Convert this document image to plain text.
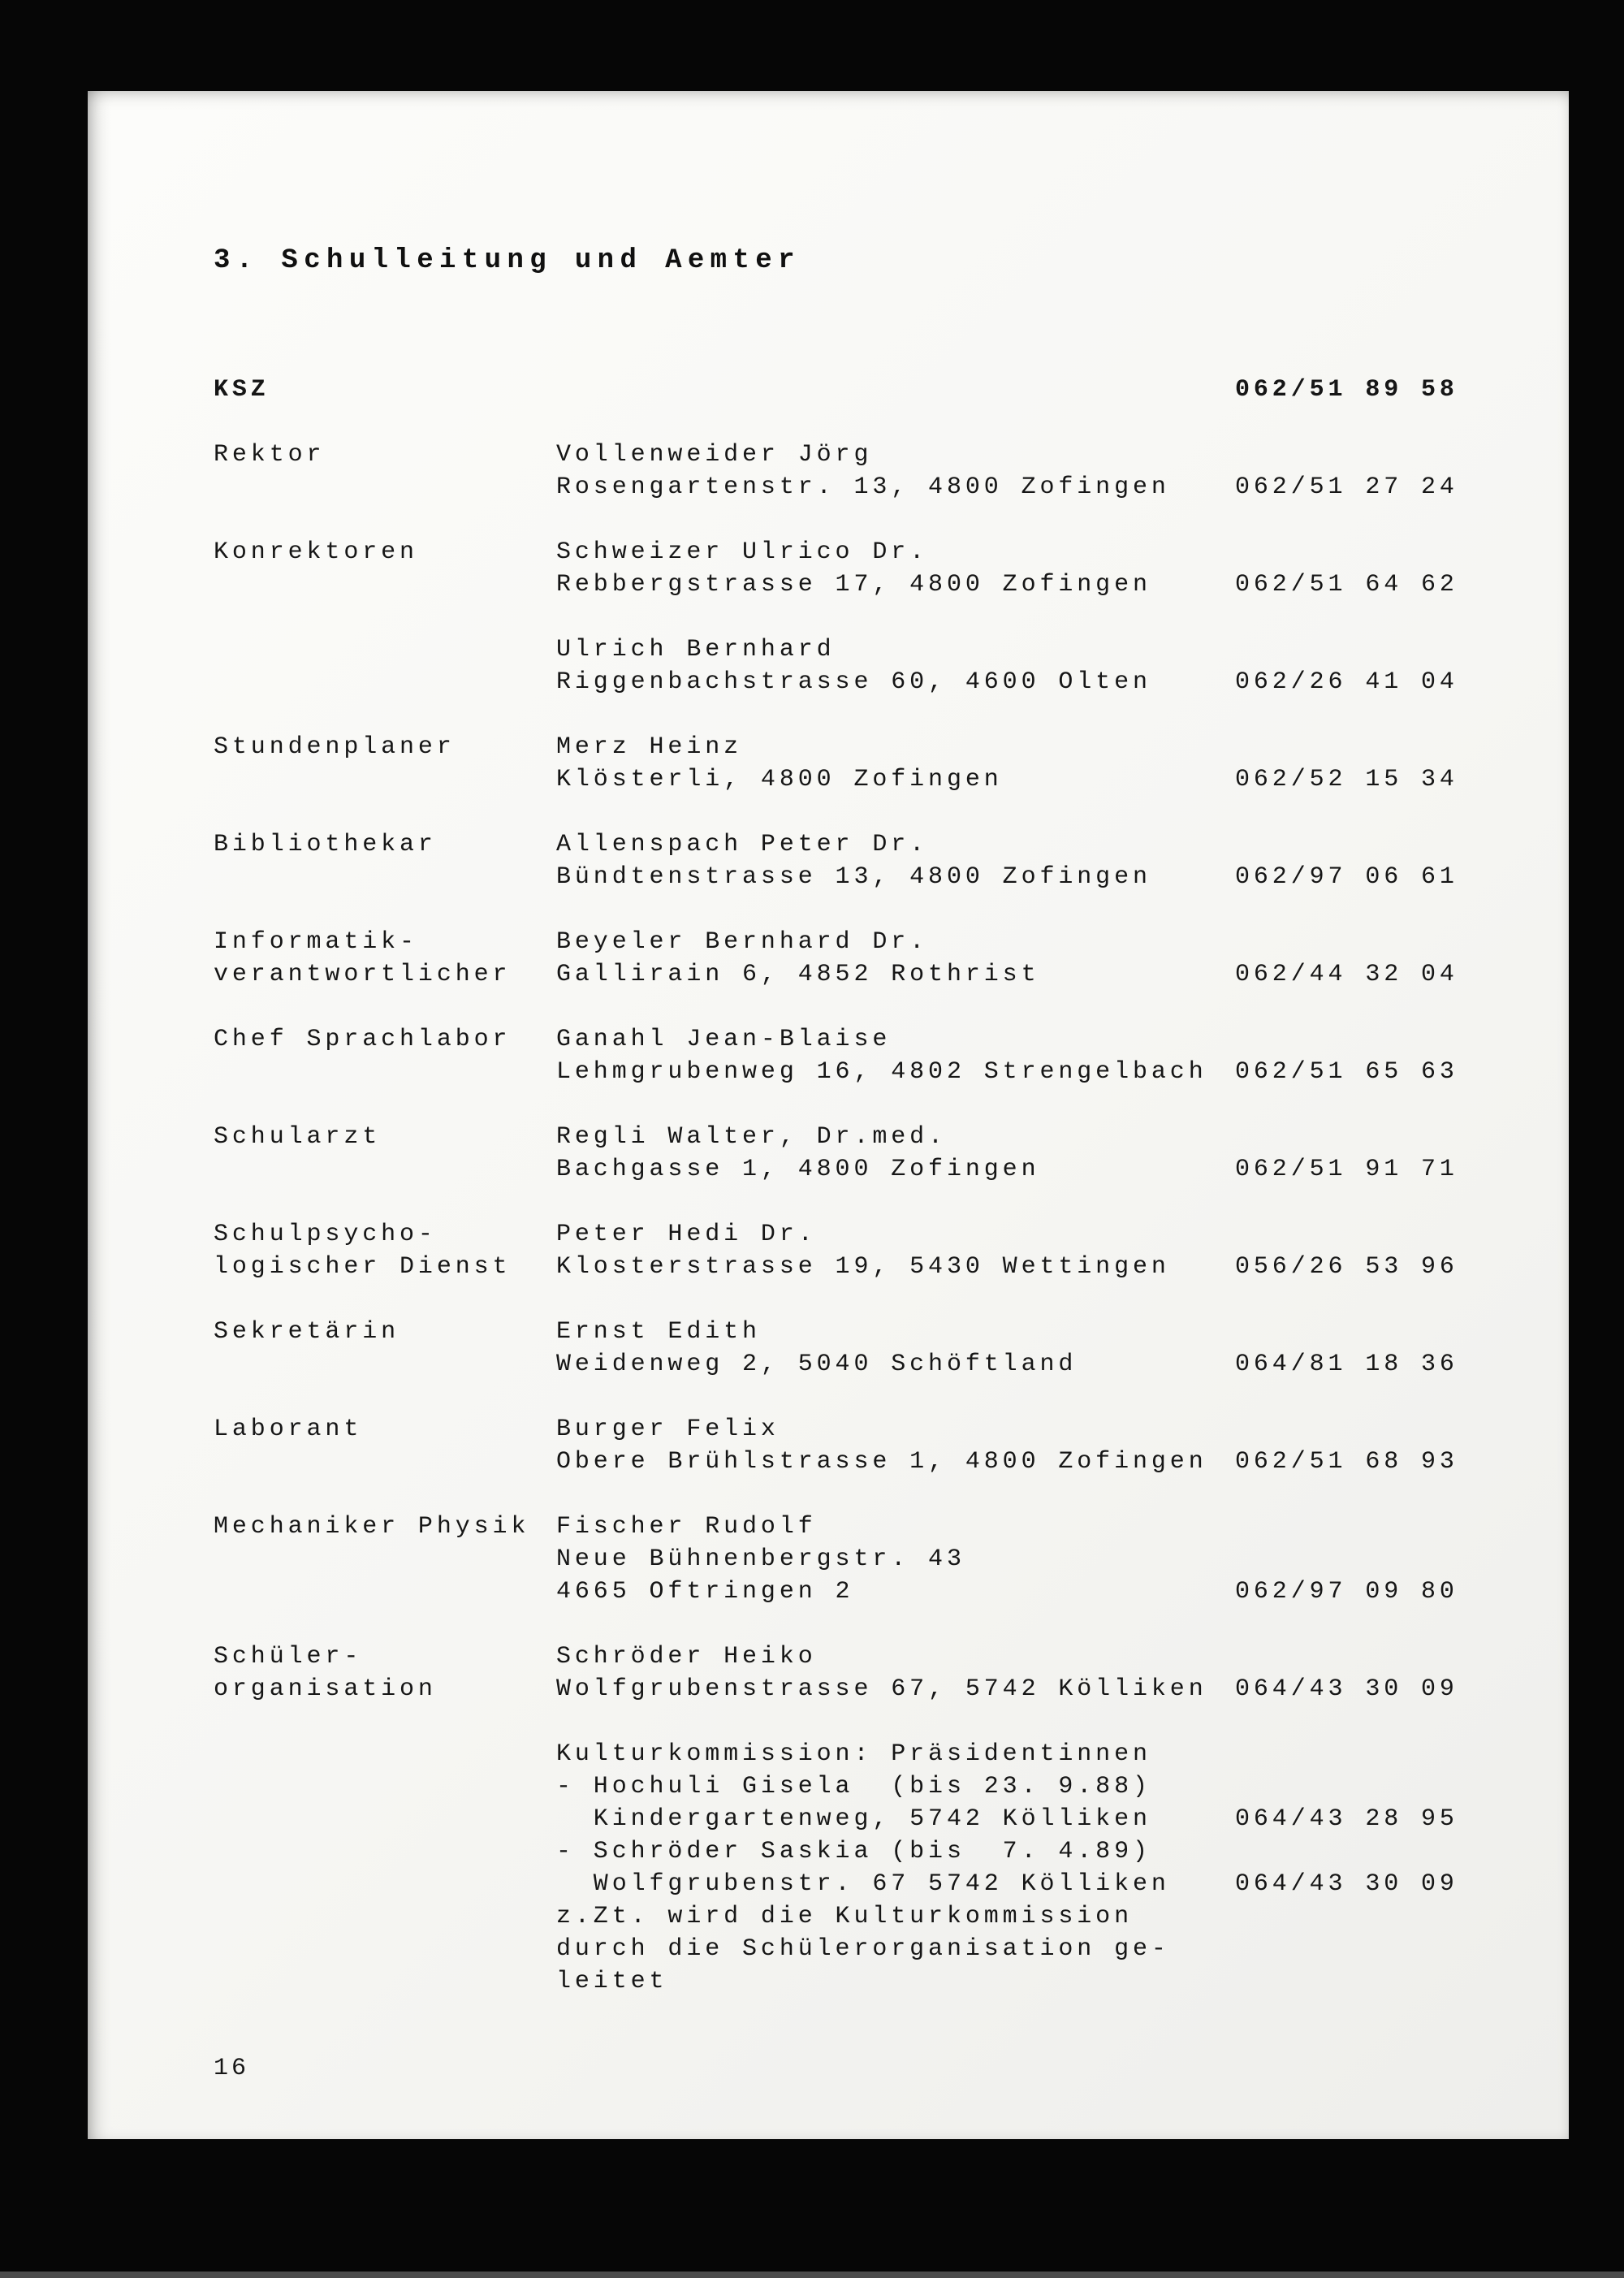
3. Schulleitung und Aemter
KSZ	062/51 89 58
Rektor	Vollenweider Jörg
Rosengartenstr. 13, 4800 Zofingen	062/51 27 24
Konrektoren	Schweizer Ulrico Dr.
Rebbergstrasse 17, 4800 Zofingen	062/51 64 62
Ulrich Bernhard
Riggenbachstrasse 60, 4600 Olten	062/26 41 04
Stundenplaner	Merz Heinz
Klösterli, 4800 Zofingen	062/52 15 34
Bibliothekar	Allenspach Peter Dr.
Bündtenstrasse 13, 4800 Zofingen	062/97 06 61
Informatik-	Beyeler Bernhard Dr.
verantwortlicher	Gallirain 6, 4852 Rothrist	062/44 32 04
Chef Sprachlabor	Ganahl Jean-Blaise
Lehmgrubenweg 16, 4802 Strengelbach	062/51 65 63
Schularzt	Regli Walter, Dr.med.
Bachgasse 1, 4800 Zofingen	062/51 91 71
Schulpsycho-	Peter Hedi Dr.
logischer Dienst	Klosterstrasse 19, 5430 Wettingen	056/26 53 96
Sekretärin	Ernst Edith
Weidenweg 2, 5040 Schöftland	064/81 18 36
Laborant	Burger Felix
Obere Brühlstrasse 1, 4800 Zofingen	062/51 68 93
Mechaniker Physik	Fischer Rudolf
Neue Bühnenbergstr. 43
4665 Oftringen 2	062/97 09 80
Schüler-	Schröder Heiko
organisation	Wolfgrubenstrasse 67, 5742 Kölliken	064/43 30 09
Kulturkommission: Präsidentinnen
- Hochuli Gisela  (bis 23. 9.88)
Kindergartenweg, 5742 Kölliken	064/43 28 95
- Schröder Saskia (bis  7. 4.89)
Wolfgrubenstr. 67 5742 Kölliken	064/43 30 09
z.Zt. wird die Kulturkommission
durch die Schülerorganisation ge-
leitet
16
